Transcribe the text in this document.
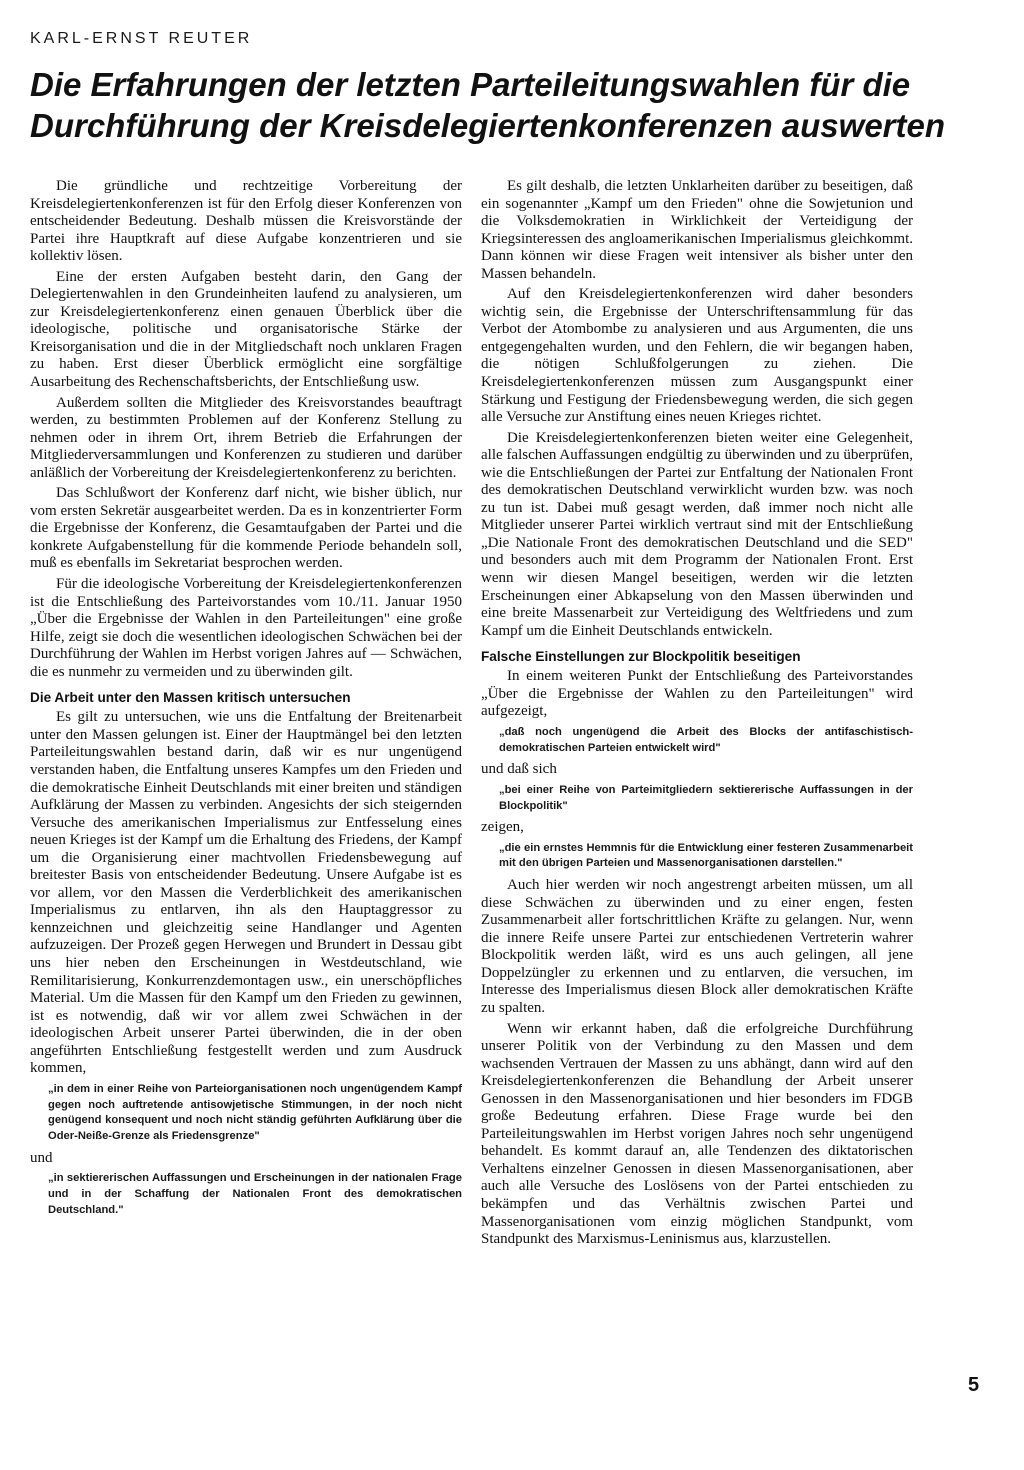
KARL-ERNST REUTER
Die Erfahrungen der letzten Parteileitungswahlen für die Durchführung der Kreisdelegiertenkonferenzen auswerten

Die gründliche und rechtzeitige Vorbereitung der Kreisdelegiertenkonferenzen ist für den Erfolg dieser Konferenzen von entscheidender Bedeutung. Deshalb müssen die Kreisvorstände der Partei ihre Hauptkraft auf diese Aufgabe konzentrieren und sie kollektiv lösen.

Eine der ersten Aufgaben besteht darin, den Gang der Delegiertenwahlen in den Grundeinheiten laufend zu analysieren, um zur Kreisdelegiertenkonferenz einen genauen Überblick über die ideologische, politische und organisatorische Stärke der Kreisorganisation und die in der Mitgliedschaft noch unklaren Fragen zu haben. Erst dieser Überblick ermöglicht eine sorgfältige Ausarbeitung des Rechenschaftsberichts, der Entschließung usw.

Außerdem sollten die Mitglieder des Kreisvorstandes beauftragt werden, zu bestimmten Problemen auf der Konferenz Stellung zu nehmen oder in ihrem Ort, ihrem Betrieb die Erfahrungen der Mitgliederversammlungen und Konferenzen zu studieren und darüber anläßlich der Vorbereitung der Kreisdelegiertenkonferenz zu berichten.

Das Schlußwort der Konferenz darf nicht, wie bisher üblich, nur vom ersten Sekretär ausgearbeitet werden. Da es in konzentrierter Form die Ergebnisse der Konferenz, die Gesamtaufgaben der Partei und die konkrete Aufgabenstellung für die kommende Periode behandeln soll, muß es ebenfalls im Sekretariat besprochen werden.

Für die ideologische Vorbereitung der Kreisdelegiertenkonferenzen ist die Entschließung des Parteivorstandes vom 10./11. Januar 1950 „Über die Ergebnisse der Wahlen in den Parteileitungen" eine große Hilfe, zeigt sie doch die wesentlichen ideologischen Schwächen bei der Durchführung der Wahlen im Herbst vorigen Jahres auf — Schwächen, die es nunmehr zu vermeiden und zu überwinden gilt.

Die Arbeit unter den Massen kritisch untersuchen

Es gilt zu untersuchen, wie uns die Entfaltung der Breitenarbeit unter den Massen gelungen ist. Einer der Hauptmängel bei den letzten Parteileitungswahlen bestand darin, daß wir es nur ungenügend verstanden haben, die Entfaltung unseres Kampfes um den Frieden und die demokratische Einheit Deutschlands mit einer breiten und ständigen Aufklärung der Massen zu verbinden. Angesichts der sich steigernden Versuche des amerikanischen Imperialismus zur Entfesselung eines neuen Krieges ist der Kampf um die Erhaltung des Friedens, der Kampf um die Organisierung einer machtvollen Friedensbewegung auf breitester Basis von entscheidender Bedeutung. Unsere Aufgabe ist es vor allem, vor den Massen die Verderblichkeit des amerikanischen Imperialismus zu entlarven, ihn als den Hauptaggressor zu kennzeichnen und gleichzeitig seine Handlanger und Agenten aufzuzeigen. Der Prozeß gegen Herwegen und Brundert in Dessau gibt uns hier neben den Erscheinungen in Westdeutschland, wie Remilitarisierung, Konkurrenzdemontagen usw., ein unerschöpfliches Material. Um die Massen für den Kampf um den Frieden zu gewinnen, ist es notwendig, daß wir vor allem zwei Schwächen in der ideologischen Arbeit unserer Partei überwinden, die in der oben angeführten Entschließung festgestellt werden und zum Ausdruck kommen,

„in dem in einer Reihe von Parteiorganisationen noch ungenügendem Kampf gegen noch auftretende antisowjetische Stimmungen, in der noch nicht genügend konsequent und noch nicht ständig geführten Aufklärung über die Oder-Neiße-Grenze als Friedensgrenze"

und

„in sektiererischen Auffassungen und Erscheinungen in der nationalen Frage und in der Schaffung der Nationalen Front des demokratischen Deutschland."

Es gilt deshalb, die letzten Unklarheiten darüber zu beseitigen, daß ein sogenannter „Kampf um den Frieden" ohne die Sowjetunion und die Volksdemokratien in Wirklichkeit der Verteidigung der Kriegsinteressen des angloamerikanischen Imperialismus gleichkommt. Dann können wir diese Fragen weit intensiver als bisher unter den Massen behandeln.

Auf den Kreisdelegiertenkonferenzen wird daher besonders wichtig sein, die Ergebnisse der Unterschriftensammlung für das Verbot der Atombombe zu analysieren und aus Argumenten, die uns entgegengehalten wurden, und den Fehlern, die wir begangen haben, die nötigen Schlußfolgerungen zu ziehen. Die Kreisdelegiertenkonferenzen müssen zum Ausgangspunkt einer Stärkung und Festigung der Friedensbewegung werden, die sich gegen alle Versuche zur Anstiftung eines neuen Krieges richtet.

Die Kreisdelegiertenkonferenzen bieten weiter eine Gelegenheit, alle falschen Auffassungen endgültig zu überwinden und zu überprüfen, wie die Entschließungen der Partei zur Entfaltung der Nationalen Front des demokratischen Deutschland verwirklicht wurden bzw. was noch zu tun ist. Dabei muß gesagt werden, daß immer noch nicht alle Mitglieder unserer Partei wirklich vertraut sind mit der Entschließung „Die Nationale Front des demokratischen Deutschland und die SED" und besonders auch mit dem Programm der Nationalen Front. Erst wenn wir diesen Mangel beseitigen, werden wir die letzten Erscheinungen einer Abkapselung von den Massen überwinden und eine breite Massenarbeit zur Verteidigung des Weltfriedens und zum Kampf um die Einheit Deutschlands entwickeln.

Falsche Einstellungen zur Blockpolitik beseitigen

In einem weiteren Punkt der Entschließung des Parteivorstandes „Über die Ergebnisse der Wahlen zu den Parteileitungen" wird aufgezeigt,

„daß noch ungenügend die Arbeit des Blocks der antifaschistisch-demokratischen Parteien entwickelt wird"

und daß sich

„bei einer Reihe von Parteimitgliedern sektiererische Auffassungen in der Blockpolitik"

zeigen,

„die ein ernstes Hemmnis für die Entwicklung einer festeren Zusammenarbeit mit den übrigen Parteien und Massenorganisationen darstellen."

Auch hier werden wir noch angestrengt arbeiten müssen, um all diese Schwächen zu überwinden und zu einer engen, festen Zusammenarbeit aller fortschrittlichen Kräfte zu gelangen. Nur, wenn die innere Reife unsere Partei zur entschiedenen Vertreterin wahrer Blockpolitik werden läßt, wird es uns auch gelingen, all jene Doppelzüngler zu erkennen und zu entlarven, die versuchen, im Interesse des Imperialismus diesen Block aller demokratischen Kräfte zu spalten.

Wenn wir erkannt haben, daß die erfolgreiche Durchführung unserer Politik von der Verbindung zu den Massen und dem wachsenden Vertrauen der Massen zu uns abhängt, dann wird auf den Kreisdelegiertenkonferenzen die Behandlung der Arbeit unserer Genossen in den Massenorganisationen und hier besonders im FDGB große Bedeutung erfahren. Diese Frage wurde bei den Parteileitungswahlen im Herbst vorigen Jahres noch sehr ungenügend behandelt. Es kommt darauf an, alle Tendenzen des diktatorischen Verhaltens einzelner Genossen in diesen Massenorganisationen, aber auch alle Versuche des Loslösens von der Partei entschieden zu bekämpfen und das Verhältnis zwischen Partei und Massenorganisationen vom einzig möglichen Standpunkt, vom Standpunkt des Marxismus-Leninismus aus, klarzustellen.

5
